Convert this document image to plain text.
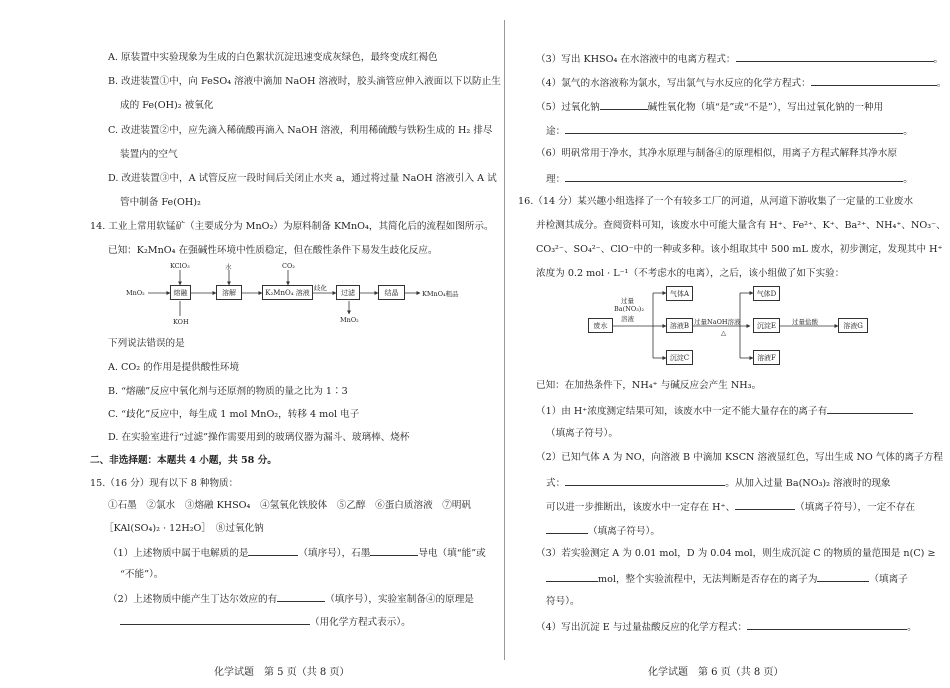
A. 原装置中实验现象为生成的白色絮状沉淀迅速变成灰绿色，最终变成红褐色
B. 改进装置①中，向 FeSO₄ 溶液中滴加 NaOH 溶液时，胶头滴管应伸入液面以下以防止生
成的 Fe(OH)₂ 被氧化
C. 改进装置②中，应先滴入稀硫酸再滴入 NaOH 溶液，利用稀硫酸与铁粉生成的 H₂ 排尽
装置内的空气
D. 改进装置③中，A 试管反应一段时间后关闭止水夹 a，通过将过量 NaOH 溶液引入 A 试
管中制备 Fe(OH)₂
14. 工业上常用软锰矿（主要成分为 MnO₂）为原料制备 KMnO₄，其简化后的流程如图所示。
已知：K₂MnO₄ 在强碱性环境中性质稳定，但在酸性条件下易发生歧化反应。
MnO₂
KClO₃
KOH
熔融
水
溶解
CO₂
K₂MnO₄ 溶液
歧化
过滤
MnO₂
结晶	KMnO₄粗品
下列说法错误的是
A. CO₂ 的作用是提供酸性环境
B. “熔融”反应中氧化剂与还原剂的物质的量之比为 1∶3
C. “歧化”反应中，每生成 1 mol MnO₂，转移 4 mol 电子
D. 在实验室进行“过滤”操作需要用到的玻璃仪器为漏斗、玻璃棒、烧杯
二、非选择题：本题共 4 小题，共 58 分。
15.（16 分）现有以下 8 种物质：
①石墨　②氯水　③熔融 KHSO₄　④氢氧化铁胶体　⑤乙醇　⑥蛋白质溶液　⑦明矾
［KAl(SO₄)₂ · 12H₂O］　⑧过氧化钠
（1）上述物质中属于电解质的是	（填序号），石墨	导电（填“能”或
“不能”）。
（2）上述物质中能产生丁达尔效应的有	（填序号），实验室制备④的原理是
（用化学方程式表示）。
化学试题　第 5 页（共 8 页）
（3）写出 KHSO₄ 在水溶液中的电离方程式：	。
（4）氯气的水溶液称为氯水，写出氯气与水反应的化学方程式：	。
（5）过氧化钠	碱性氧化物（填“是”或“不是”），写出过氧化钠的一种用
途：	。
（6）明矾常用于净水，其净水原理与制备④的原理相似，用离子方程式解释其净水原
理：	。
16.（14 分）某兴趣小组选择了一个有较多工厂的河道，从河道下游收集了一定量的工业废水
并检测其成分。查阅资料可知，该废水中可能大量含有 H⁺、Fe²⁺、K⁺、Ba²⁺、NH₄⁺、NO₃⁻、
CO₃²⁻、SO₄²⁻、ClO⁻中的一种或多种。该小组取其中 500 mL 废水，初步测定，发现其中 H⁺
浓度为 0.2 mol · L⁻¹（不考虑水的电离），之后，该小组做了如下实验：
废水
过量
Ba(NO₃)₂
溶液
气体A
溶液B
沉淀C
过量NaOH溶液
△
气体D
沉淀E
溶液F
过量盐酸	溶液G
已知：在加热条件下，NH₄⁺ 与碱反应会产生 NH₃。
（1）由 H⁺浓度测定结果可知，该废水中一定不能大量存在的离子有
（填离子符号）。
（2）已知气体 A 为 NO，向溶液 B 中滴加 KSCN 溶液显红色，写出生成 NO 气体的离子方程
式：	。从加入过量 Ba(NO₃)₂ 溶液时的现象
可以进一步推断出，该废水中一定存在 H⁺、	（填离子符号），一定不存在
（填离子符号）。
（3）若实验测定 A 为 0.01 mol，D 为 0.04 mol，则生成沉淀 C 的物质的量范围是 n(C) ≥
mol，整个实验流程中，无法判断是否存在的离子为	（填离子
符号）。
（4）写出沉淀 E 与过量盐酸反应的化学方程式：	。
化学试题　第 6 页（共 8 页）
